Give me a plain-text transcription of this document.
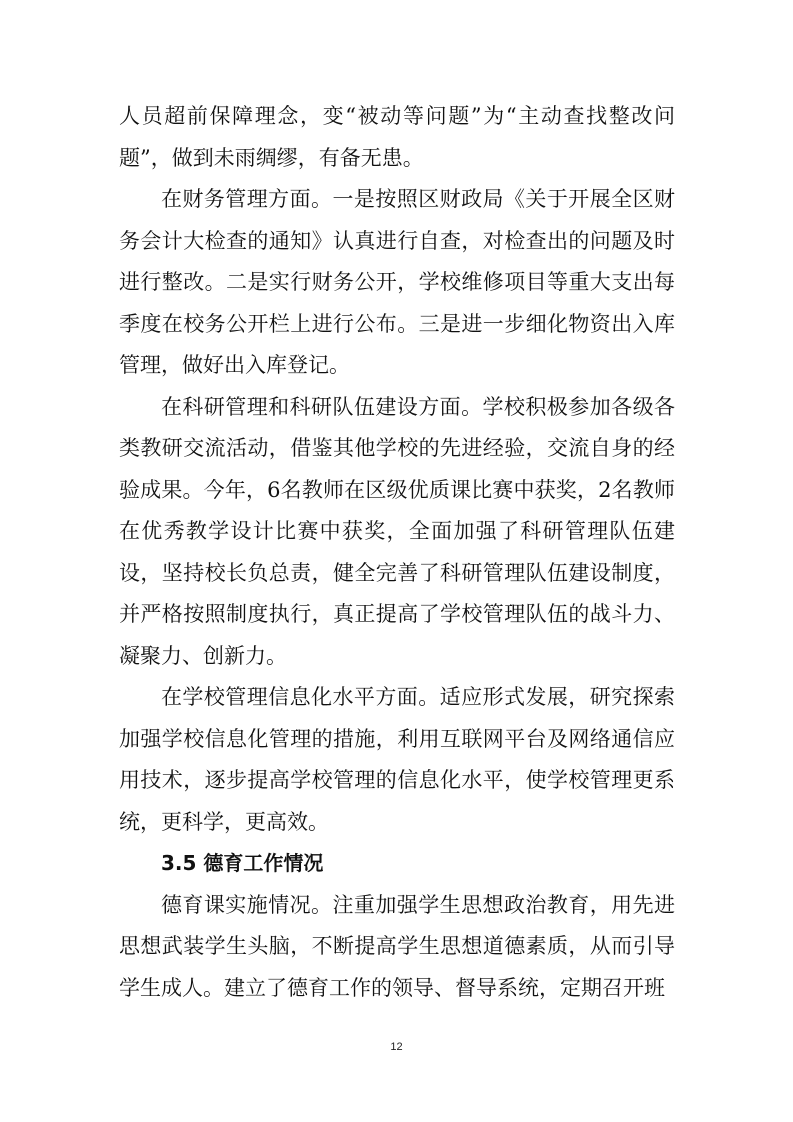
人员超前保障理念，变“被动等问题”为“主动查找整改问题”，做到未雨绸缪，有备无患。

在财务管理方面。一是按照区财政局《关于开展全区财务会计大检查的通知》认真进行自查，对检查出的问题及时进行整改。二是实行财务公开，学校维修项目等重大支出每季度在校务公开栏上进行公布。三是进一步细化物资出入库管理，做好出入库登记。

在科研管理和科研队伍建设方面。学校积极参加各级各类教研交流活动，借鉴其他学校的先进经验，交流自身的经验成果。今年，6名教师在区级优质课比赛中获奖，2名教师在优秀教学设计比赛中获奖，全面加强了科研管理队伍建设，坚持校长负总责，健全完善了科研管理队伍建设制度，并严格按照制度执行，真正提高了学校管理队伍的战斗力、凝聚力、创新力。

在学校管理信息化水平方面。适应形式发展，研究探索加强学校信息化管理的措施，利用互联网平台及网络通信应用技术，逐步提高学校管理的信息化水平，使学校管理更系统，更科学，更高效。

3.5 德育工作情况

德育课实施情况。注重加强学生思想政治教育，用先进思想武装学生头脑，不断提高学生思想道德素质，从而引导学生成人。建立了德育工作的领导、督导系统，定期召开班

12
